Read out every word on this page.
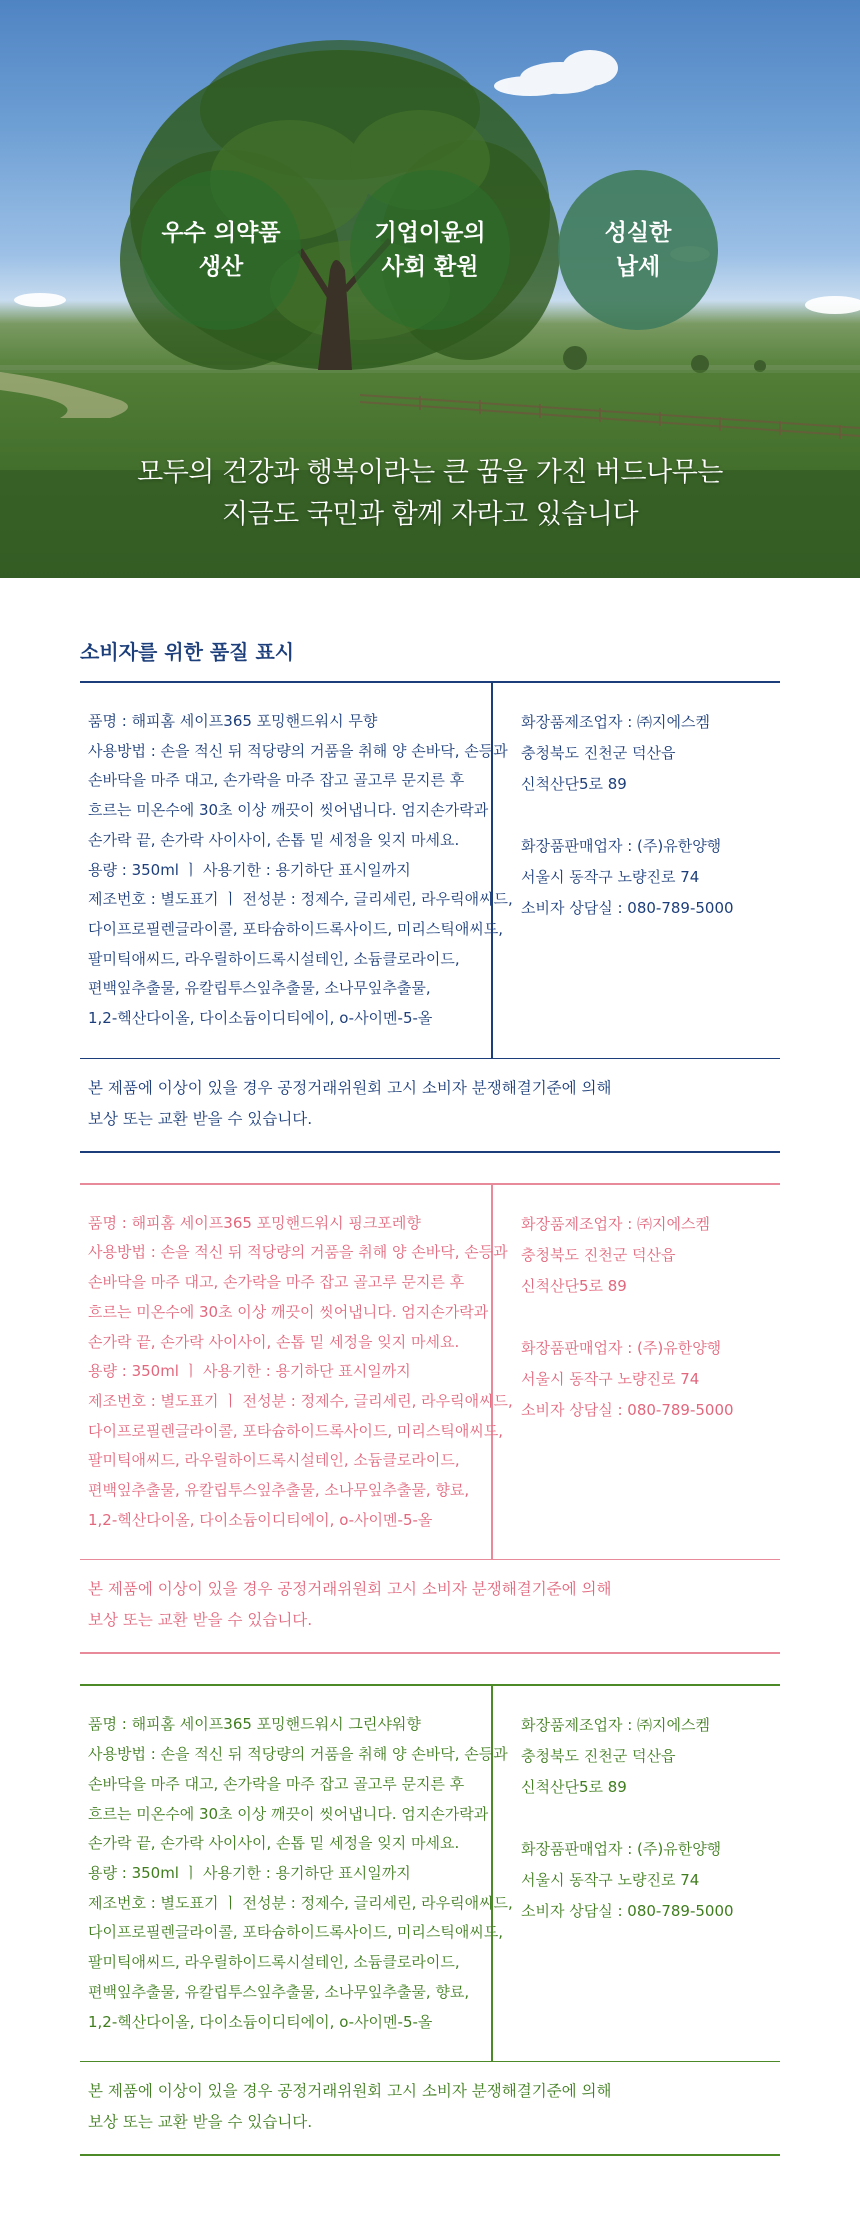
우수 의약품
생산
기업이윤의
사회 환원
성실한
납세
모두의 건강과 행복이라는 큰 꿈을 가진 버드나무는
지금도 국민과 함께 자라고 있습니다
소비자를 위한 품질 표시
품명 : 해피홈 세이프365 포밍핸드워시 무향
사용방법 : 손을 적신 뒤 적당량의 거품을 취해 양 손바닥, 손등과
손바닥을 마주 대고, 손가락을 마주 잡고 골고루 문지른 후
흐르는 미온수에 30초 이상 깨끗이 씻어냅니다. 엄지손가락과
손가락 끝, 손가락 사이사이, 손톱 밑 세정을 잊지 마세요.
용량 : 350ml ㅣ 사용기한 : 용기하단 표시일까지
제조번호 : 별도표기 ㅣ 전성분 : 정제수, 글리세린, 라우릭애씨드,
다이프로필렌글라이콜, 포타슘하이드록사이드, 미리스틱애씨드,
팔미틱애씨드, 라우릴하이드록시설테인, 소듐클로라이드,
편백잎추출물, 유칼립투스잎추출물, 소나무잎추출물,
1,2-헥산다이올, 다이소듐이디티에이, o-사이멘-5-올
화장품제조업자 : ㈜지에스켐
충청북도 진천군 덕산읍
신척산단5로 89
화장품판매업자 : (주)유한양행
서울시 동작구 노량진로 74
소비자 상담실 : 080-789-5000
본 제품에 이상이 있을 경우 공정거래위원회 고시 소비자 분쟁해결기준에 의해
보상 또는 교환 받을 수 있습니다.
품명 : 해피홈 세이프365 포밍핸드워시 핑크포레향
사용방법 : 손을 적신 뒤 적당량의 거품을 취해 양 손바닥, 손등과
손바닥을 마주 대고, 손가락을 마주 잡고 골고루 문지른 후
흐르는 미온수에 30초 이상 깨끗이 씻어냅니다. 엄지손가락과
손가락 끝, 손가락 사이사이, 손톱 밑 세정을 잊지 마세요.
용량 : 350ml ㅣ 사용기한 : 용기하단 표시일까지
제조번호 : 별도표기 ㅣ 전성분 : 정제수, 글리세린, 라우릭애씨드,
다이프로필렌글라이콜, 포타슘하이드록사이드, 미리스틱애씨드,
팔미틱애씨드, 라우릴하이드록시설테인, 소듐클로라이드,
편백잎추출물, 유칼립투스잎추출물, 소나무잎추출물, 향료,
1,2-헥산다이올, 다이소듐이디티에이, o-사이멘-5-올
화장품제조업자 : ㈜지에스켐
충청북도 진천군 덕산읍
신척산단5로 89
화장품판매업자 : (주)유한양행
서울시 동작구 노량진로 74
소비자 상담실 : 080-789-5000
본 제품에 이상이 있을 경우 공정거래위원회 고시 소비자 분쟁해결기준에 의해
보상 또는 교환 받을 수 있습니다.
품명 : 해피홈 세이프365 포밍핸드워시 그린샤워향
사용방법 : 손을 적신 뒤 적당량의 거품을 취해 양 손바닥, 손등과
손바닥을 마주 대고, 손가락을 마주 잡고 골고루 문지른 후
흐르는 미온수에 30초 이상 깨끗이 씻어냅니다. 엄지손가락과
손가락 끝, 손가락 사이사이, 손톱 밑 세정을 잊지 마세요.
용량 : 350ml ㅣ 사용기한 : 용기하단 표시일까지
제조번호 : 별도표기 ㅣ 전성분 : 정제수, 글리세린, 라우릭애씨드,
다이프로필렌글라이콜, 포타슘하이드록사이드, 미리스틱애씨드,
팔미틱애씨드, 라우릴하이드록시설테인, 소듐클로라이드,
편백잎추출물, 유칼립투스잎추출물, 소나무잎추출물, 향료,
1,2-헥산다이올, 다이소듐이디티에이, o-사이멘-5-올
화장품제조업자 : ㈜지에스켐
충청북도 진천군 덕산읍
신척산단5로 89
화장품판매업자 : (주)유한양행
서울시 동작구 노량진로 74
소비자 상담실 : 080-789-5000
본 제품에 이상이 있을 경우 공정거래위원회 고시 소비자 분쟁해결기준에 의해
보상 또는 교환 받을 수 있습니다.
